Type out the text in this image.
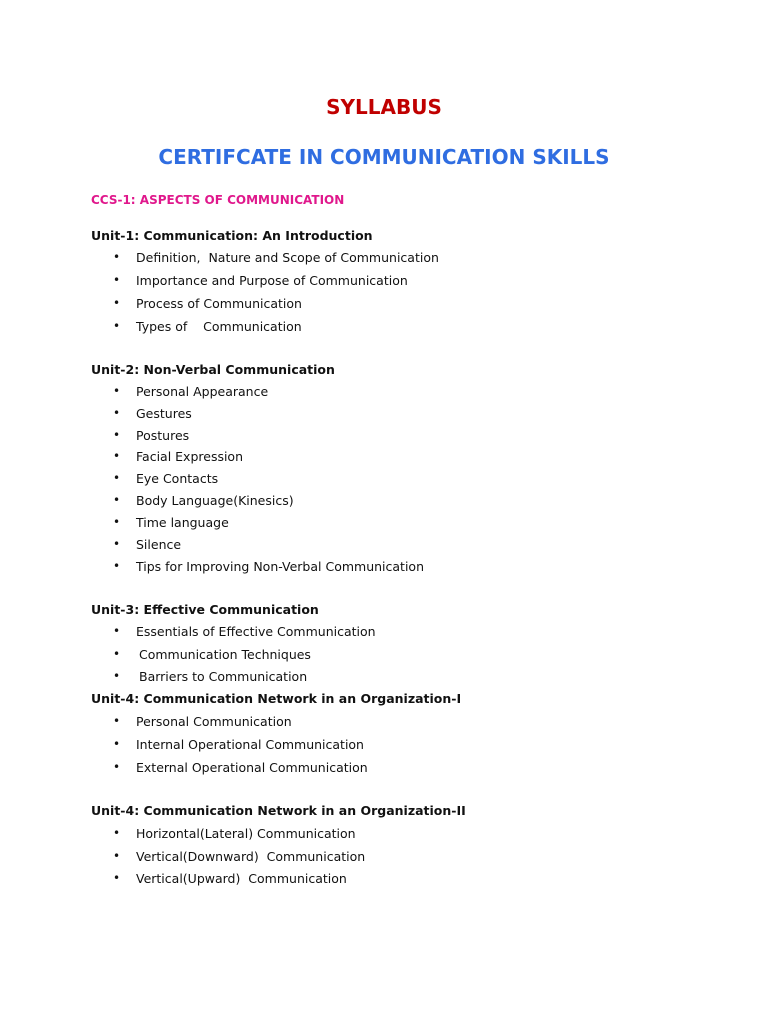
SYLLABUS
CERTIFCATE IN COMMUNICATION SKILLS
CCS-1: ASPECTS OF COMMUNICATION
Unit-1: Communication: An Introduction

•

Definition,  Nature and Scope of Communication

•

Importance and Purpose of Communication

•

Process of Communication

•

Types of    Communication

Unit-2: Non-Verbal Communication

•

Personal Appearance

•

Gestures

•

Postures

•

Facial Expression

•

Eye Contacts

•

Body Language(Kinesics)

•

Time language

•

Silence

•

Tips for Improving Non-Verbal Communication

Unit-3: Effective Communication

•

Essentials of Effective Communication

•

Communication Techniques

•

Barriers to Communication

Unit-4: Communication Network in an Organization-I

•

Personal Communication

•

Internal Operational Communication

•

External Operational Communication

Unit-4: Communication Network in an Organization-II

•

Horizontal(Lateral) Communication

•

Vertical(Downward)  Communication

•

Vertical(Upward)  Communication
